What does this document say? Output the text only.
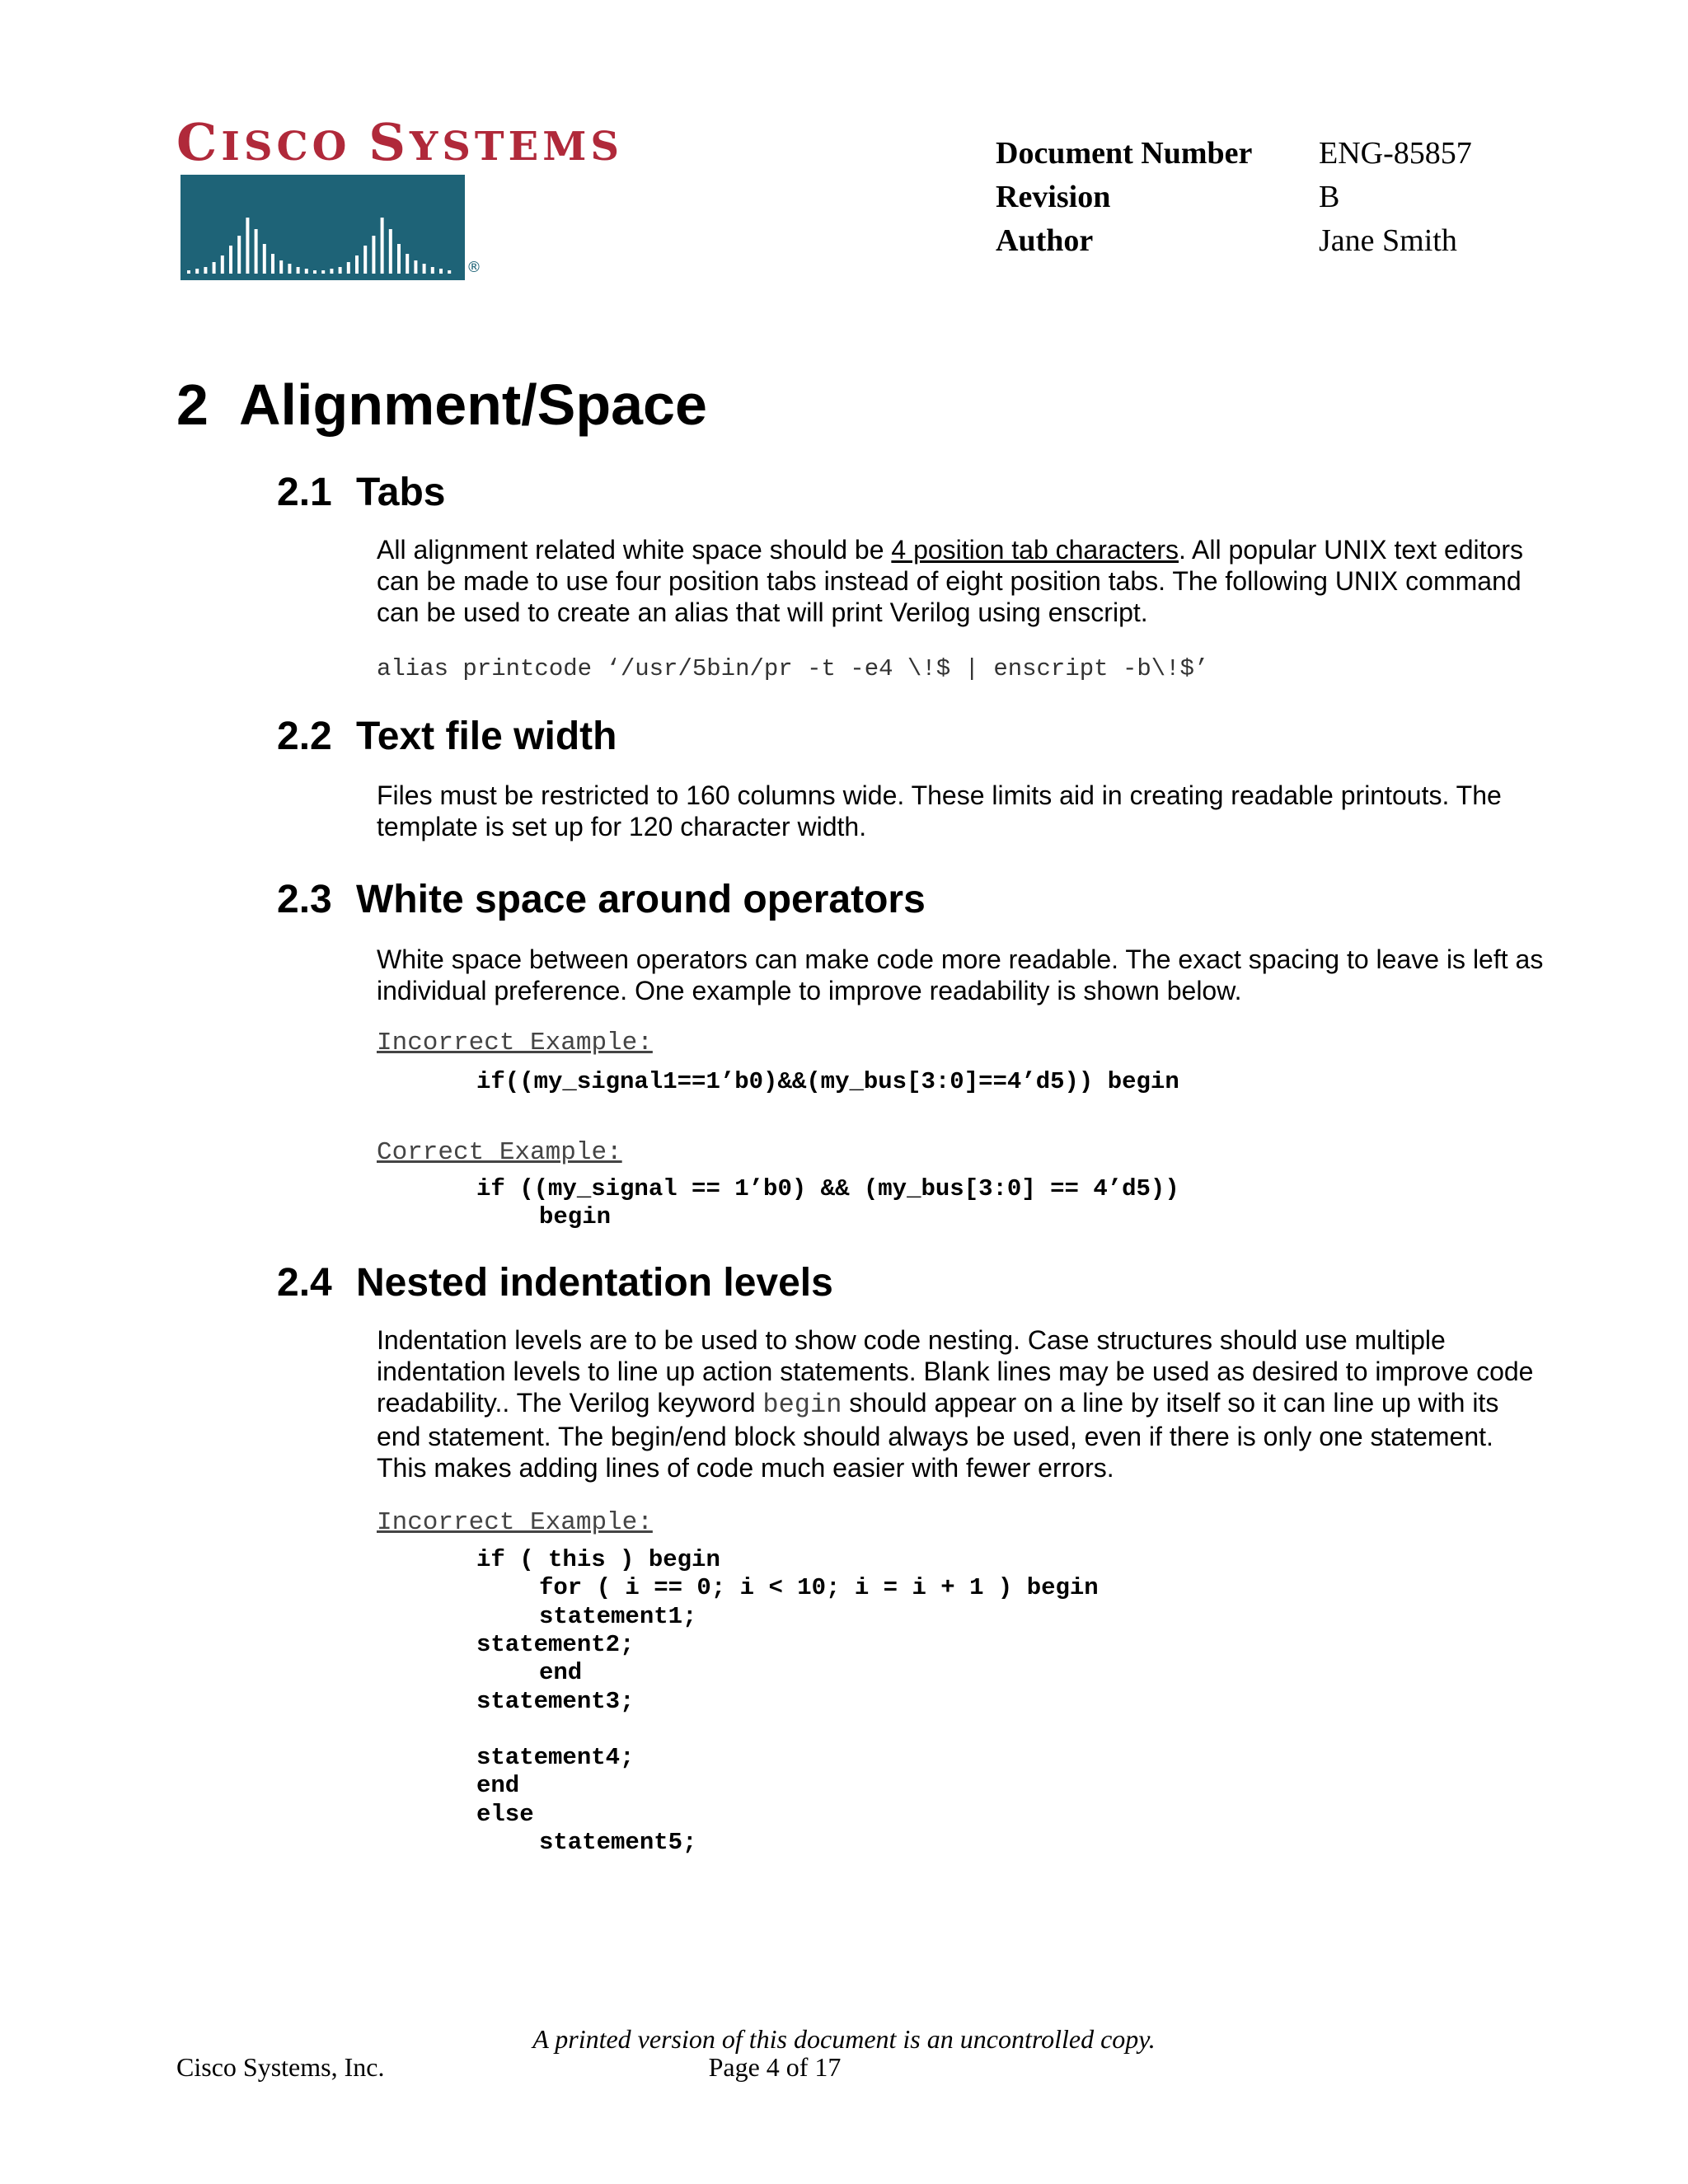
CISCO SYSTEMS
®
Document Number	ENG-85857
Revision	B
Author	Jane Smith
2 Alignment/Space
2.1 Tabs
All alignment related white space should be 4 position tab characters. All popular UNIX text editors can be made to use four position tabs instead of eight position tabs. The following UNIX command can be used to create an alias that will print Verilog using enscript.
alias printcode ‘/usr/5bin/pr -t -e4 \!$ | enscript -b\!$’
2.2 Text file width
Files must be restricted to 160 columns wide. These limits aid in creating readable printouts. The template is set up for 120 character width.
2.3 White space around operators
White space between operators can make code more readable. The exact spacing to leave is left as individual preference. One example to improve readability is shown below.
Incorrect Example:
if((my_signal1==1’b0)&&(my_bus[3:0]==4’d5)) begin
Correct Example:
if ((my_signal == 1’b0) && (my_bus[3:0] == 4’d5))
begin
2.4 Nested indentation levels
Indentation levels are to be used to show code nesting. Case structures should use multiple indentation levels to line up action statements. Blank lines may be used as desired to improve code readability.. The Verilog keyword begin should appear on a line by itself so it can line up with its end statement. The begin/end block should always be used, even if there is only one statement. This makes adding lines of code much easier with fewer errors.
Incorrect Example:
if ( this ) begin
for ( i == 0; i < 10; i = i + 1 ) begin
statement1;
statement2;
end
statement3;
statement4;
end
else
statement5;
A printed version of this document is an uncontrolled copy.
Cisco Systems, Inc.	Page 4 of 17
